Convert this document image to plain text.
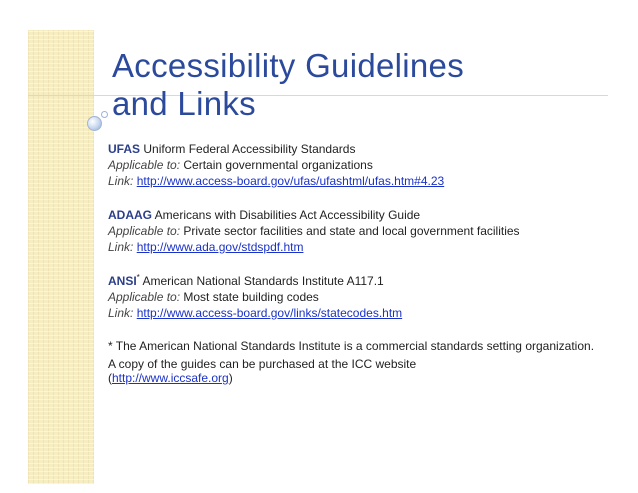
Accessibility Guidelines
and Links

UFAS Uniform Federal Accessibility Standards

Applicable to: Certain governmental organizations

Link: http://www.access-board.gov/ufas/ufashtml/ufas.htm#4.23

ADAAG Americans with Disabilities Act Accessibility Guide

Applicable to: Private sector facilities and state and local government facilities

Link: http://www.ada.gov/stdspdf.htm

ANSI* American National Standards Institute A117.1

Applicable to: Most state building codes

Link: http://www.access-board.gov/links/statecodes.htm

* The American National Standards Institute is a commercial standards setting organization.

A copy of the guides can be purchased at the ICC website

(http://www.iccsafe.org)
